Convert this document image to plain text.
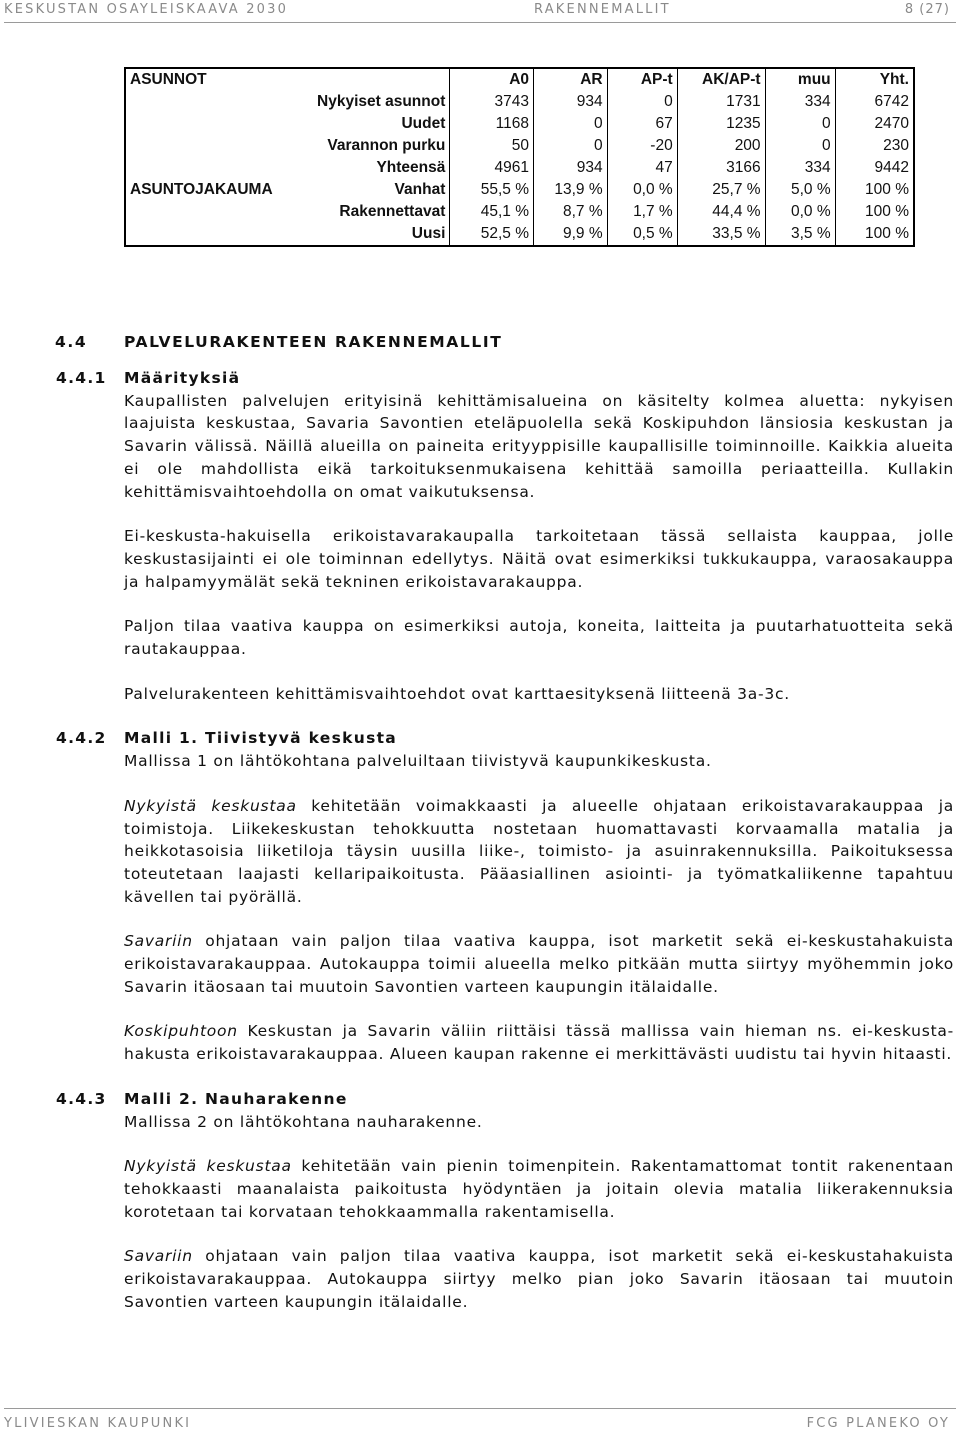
KESKUSTAN OSAYLEISKAAVA 2030	RAKENNEMALLIT	8 (27)
ASUNNOT		A0	AR	AP-t	AK/AP-t	muu	Yht.
	Nykyiset asunnot	3743	934	0	1731	334	6742
	Uudet	1168	0	67	1235	0	2470
	Varannon purku	50	0	-20	200	0	230
	Yhteensä	4961	934	47	3166	334	9442
ASUNTOJAKAUMA	Vanhat	55,5 %	13,9 %	0,0 %	25,7 %	5,0 %	100 %
	Rakennettavat	45,1 %	8,7 %	1,7 %	44,4 %	0,0 %	100 %
	Uusi	52,5 %	9,9 %	0,5 %	33,5 %	3,5 %	100 %
4.4 PALVELURAKENTEEN RAKENNEMALLIT
4.4.1 Määrityksiä

Kaupallisten palvelujen erityisinä kehittämisalueina on käsitelty kolmea aluetta: nykyisen laajuista keskustaa, Savaria Savontien eteläpuolella sekä Koskipuhdon länsiosia keskustan ja Savarin välissä. Näillä alueilla on paineita erityyppisille kaupallisille toiminnoille. Kaikkia alueita ei ole mahdollista eikä tarkoituksenmukaisena kehittää samoilla periaatteilla. Kullakin kehittämisvaihtoehdolla on omat vaikutuksensa.

Ei-keskusta-hakuisella erikoistavarakaupalla tarkoitetaan tässä sellaista kauppaa, jolle keskustasijainti ei ole toiminnan edellytys. Näitä ovat esimerkiksi tukkukauppa, varaosakauppa ja halpamyymälät sekä tekninen erikoistavarakauppa.

Paljon tilaa vaativa kauppa on esimerkiksi autoja, koneita, laitteita ja puutarhatuotteita sekä rautakauppaa.

Palvelurakenteen kehittämisvaihtoehdot ovat karttaesityksenä liitteenä 3a-3c.

4.4.2 Malli 1. Tiivistyvä keskusta

Mallissa 1 on lähtökohtana palveluiltaan tiivistyvä kaupunkikeskusta.

Nykyistä keskustaa kehitetään voimakkaasti ja alueelle ohjataan erikoistavarakauppaa ja toimistoja. Liikekeskustan tehokkuutta nostetaan huomattavasti korvaamalla matalia ja heikkotasoisia liiketiloja täysin uusilla liike-, toimisto- ja asuinrakennuksilla. Paikoituksessa toteutetaan laajasti kellaripaikoitusta. Pääasiallinen asiointi- ja työmatkaliikenne tapahtuu kävellen tai pyörällä.

Savariin ohjataan vain paljon tilaa vaativa kauppa, isot marketit sekä ei-keskustahakuista erikoistavarakauppaa. Autokauppa toimii alueella melko pitkään mutta siirtyy myöhemmin joko Savarin itäosaan tai muutoin Savontien varteen kaupungin itälaidalle.

Koskipuhtoon Keskustan ja Savarin väliin riittäisi tässä mallissa vain hieman ns. ei-keskusta-hakusta erikoistavarakauppaa. Alueen kaupan rakenne ei merkittävästi uudistu tai hyvin hitaasti.

4.4.3 Malli 2. Nauharakenne

Mallissa 2 on lähtökohtana nauharakenne.

Nykyistä keskustaa kehitetään vain pienin toimenpitein. Rakentamattomat tontit rakenentaan tehokkaasti maanalaista paikoitusta hyödyntäen ja joitain olevia matalia liikerakennuksia korotetaan tai korvataan tehokkaammalla rakentamisella.

Savariin ohjataan vain paljon tilaa vaativa kauppa, isot marketit sekä ei-keskustahakuista erikoistavarakauppaa. Autokauppa siirtyy melko pian joko Savarin itäosaan tai muutoin Savontien varteen kaupungin itälaidalle.

YLIVIESKAN KAUPUNKI	FCG PLANEKO OY
